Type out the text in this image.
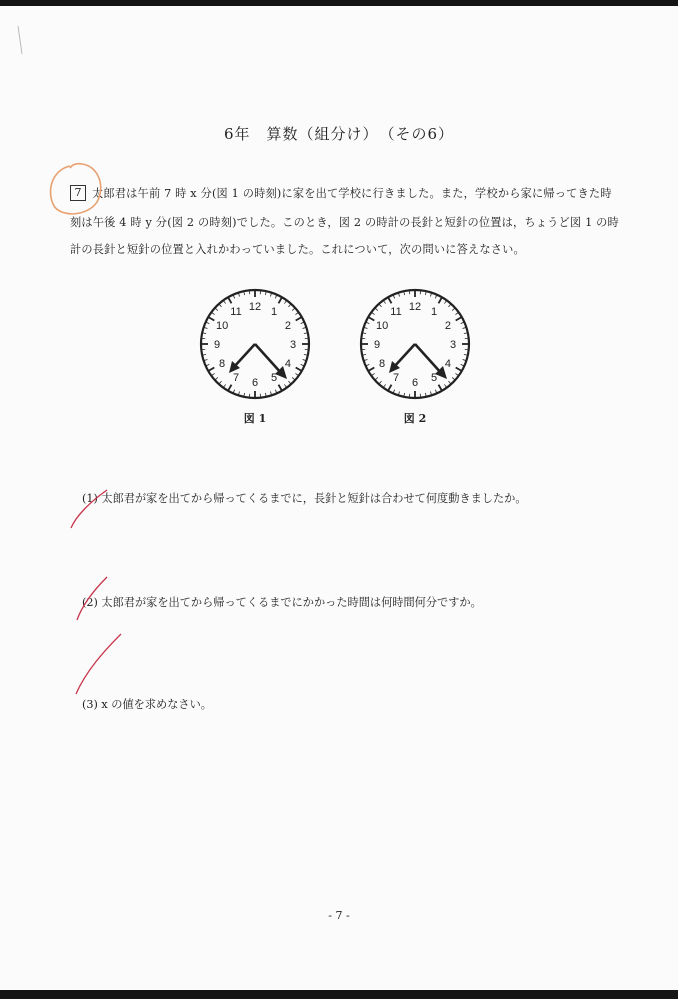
6年　算数（組分け）　（その6）
7 太郎君は午前 7 時 x 分(図 1 の時刻)に家を出て学校に行きました。また，学校から家に帰ってきた時
刻は午後 4 時 y 分(図 2 の時刻)でした。このとき，図 2 の時計の長針と短針の位置は，ちょうど図 1 の時
計の長針と短針の位置と入れかわっていました。これについて，次の問いに答えなさい。
12 1
2
3
4
5
6
7
8
9
10
11	12 1
2
3
4
5
6
7
8
9
10
11
図 1	図 2
(1) 太郎君が家を出てから帰ってくるまでに，長針と短針は合わせて何度動きましたか。
(2) 太郎君が家を出てから帰ってくるまでにかかった時間は何時間何分ですか。
(3) x の値を求めなさい。
- 7 -
